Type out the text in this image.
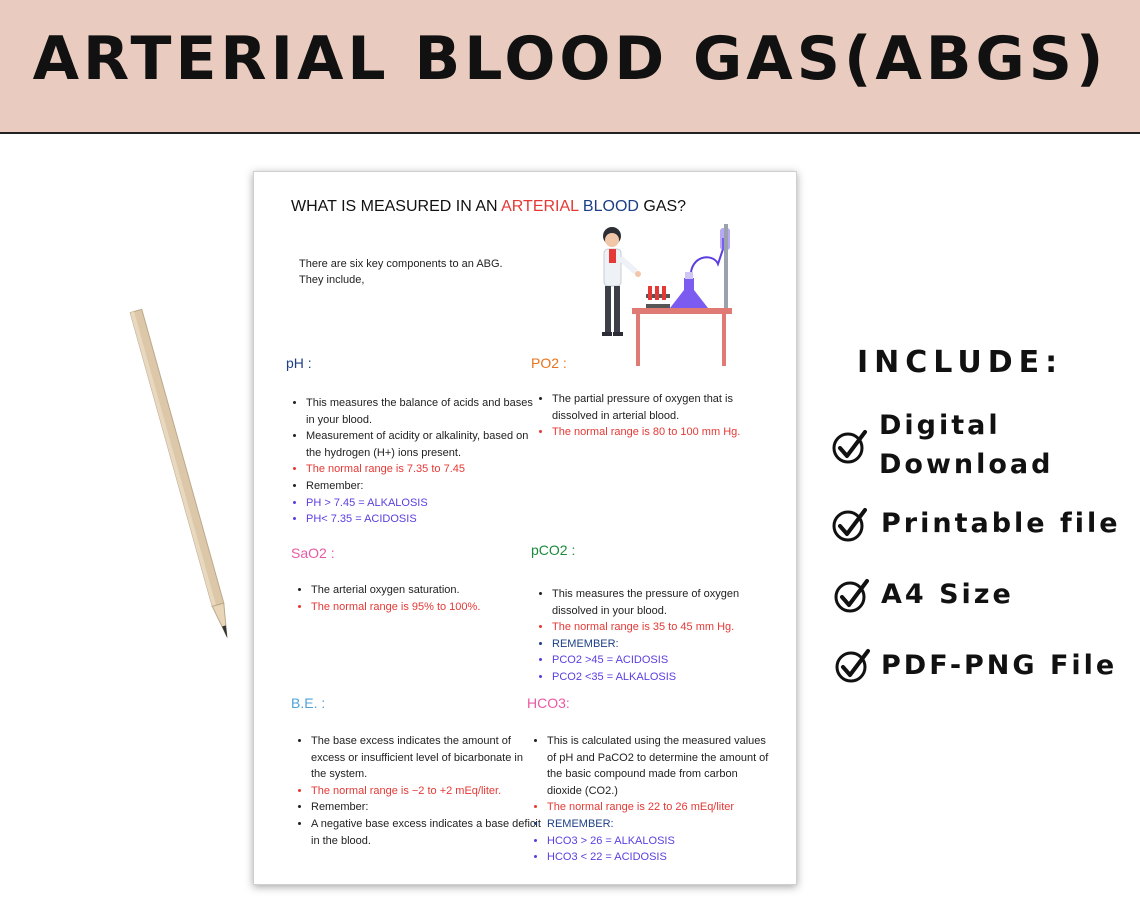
ARTERIAL BLOOD GAS(ABGS)
WHAT IS MEASURED IN AN ARTERIAL BLOOD GAS?
There are six key components to an ABG.
They include,
pH :
• This measures the balance of acids and bases in your blood.
• Measurement of acidity or alkalinity, based on the hydrogen (H+) ions present.
• The normal range is 7.35 to 7.45
• Remember:
• PH > 7.45 = ALKALOSIS
• PH< 7.35 = ACIDOSIS
PO2 :
• The partial pressure of oxygen that is dissolved in arterial blood.
• The normal range is 80 to 100 mm Hg.
SaO2 :
• The arterial oxygen saturation.
• The normal range is 95% to 100%.
pCO2 :
• This measures the pressure of oxygen dissolved in your blood.
• The normal range is 35 to 45 mm Hg.
• REMEMBER:
• PCO2 >45 = ACIDOSIS
• PCO2 <35 = ALKALOSIS
B.E. :
• The base excess indicates the amount of excess or insufficient level of bicarbonate in the system.
• The normal range is −2 to +2 mEq/liter.
• Remember:
• A negative base excess indicates a base deficit in the blood.
HCO3:
• This is calculated using the measured values of pH and PaCO2 to determine the amount of the basic compound made from carbon dioxide (CO2.)
• The normal range is 22 to 26 mEq/liter
• REMEMBER:
• HCO3 > 26 = ALKALOSIS
• HCO3 < 22 = ACIDOSIS
INCLUDE:
Digital
Download
Printable file
A4 Size
PDF-PNG File
